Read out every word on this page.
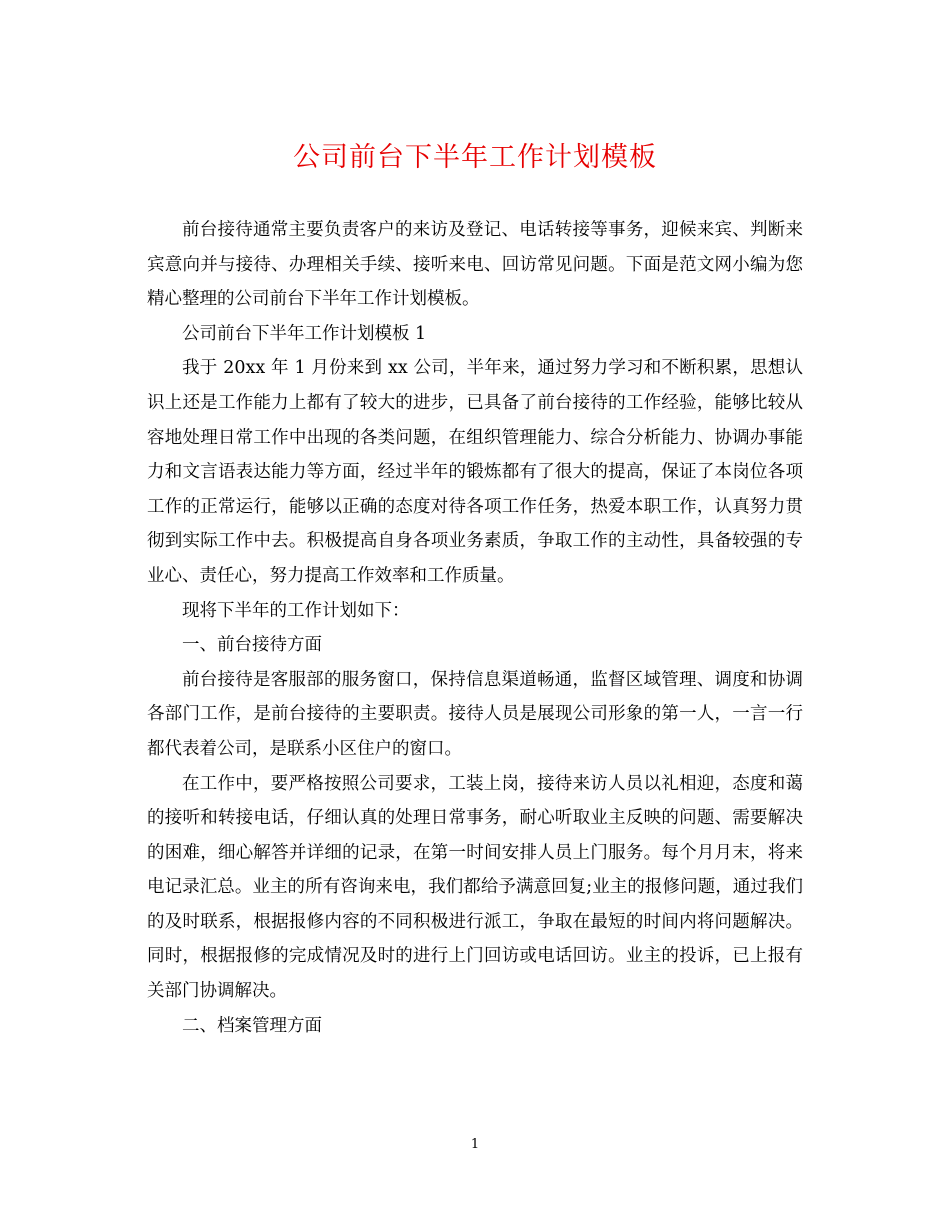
公司前台下半年工作计划模板

前台接待通常主要负责客户的来访及登记、电话转接等事务，迎候来宾、判断来宾意向并与接待、办理相关手续、接听来电、回访常见问题。下面是范文网小编为您精心整理的公司前台下半年工作计划模板。

公司前台下半年工作计划模板 1

我于 20xx 年 1 月份来到 xx 公司，半年来，通过努力学习和不断积累，思想认识上还是工作能力上都有了较大的进步，已具备了前台接待的工作经验，能够比较从容地处理日常工作中出现的各类问题，在组织管理能力、综合分析能力、协调办事能力和文言语表达能力等方面，经过半年的锻炼都有了很大的提高，保证了本岗位各项工作的正常运行，能够以正确的态度对待各项工作任务，热爱本职工作，认真努力贯彻到实际工作中去。积极提高自身各项业务素质，争取工作的主动性，具备较强的专业心、责任心，努力提高工作效率和工作质量。

现将下半年的工作计划如下：

一、前台接待方面

前台接待是客服部的服务窗口，保持信息渠道畅通，监督区域管理、调度和协调各部门工作，是前台接待的主要职责。接待人员是展现公司形象的第一人，一言一行都代表着公司，是联系小区住户的窗口。

在工作中，要严格按照公司要求，工装上岗，接待来访人员以礼相迎，态度和蔼的接听和转接电话，仔细认真的处理日常事务，耐心听取业主反映的问题、需要解决的困难，细心解答并详细的记录，在第一时间安排人员上门服务。每个月月末，将来电记录汇总。业主的所有咨询来电，我们都给予满意回复;业主的报修问题，通过我们的及时联系，根据报修内容的不同积极进行派工，争取在最短的时间内将问题解决。同时，根据报修的完成情况及时的进行上门回访或电话回访。业主的投诉，已上报有关部门协调解决。

二、档案管理方面

1
